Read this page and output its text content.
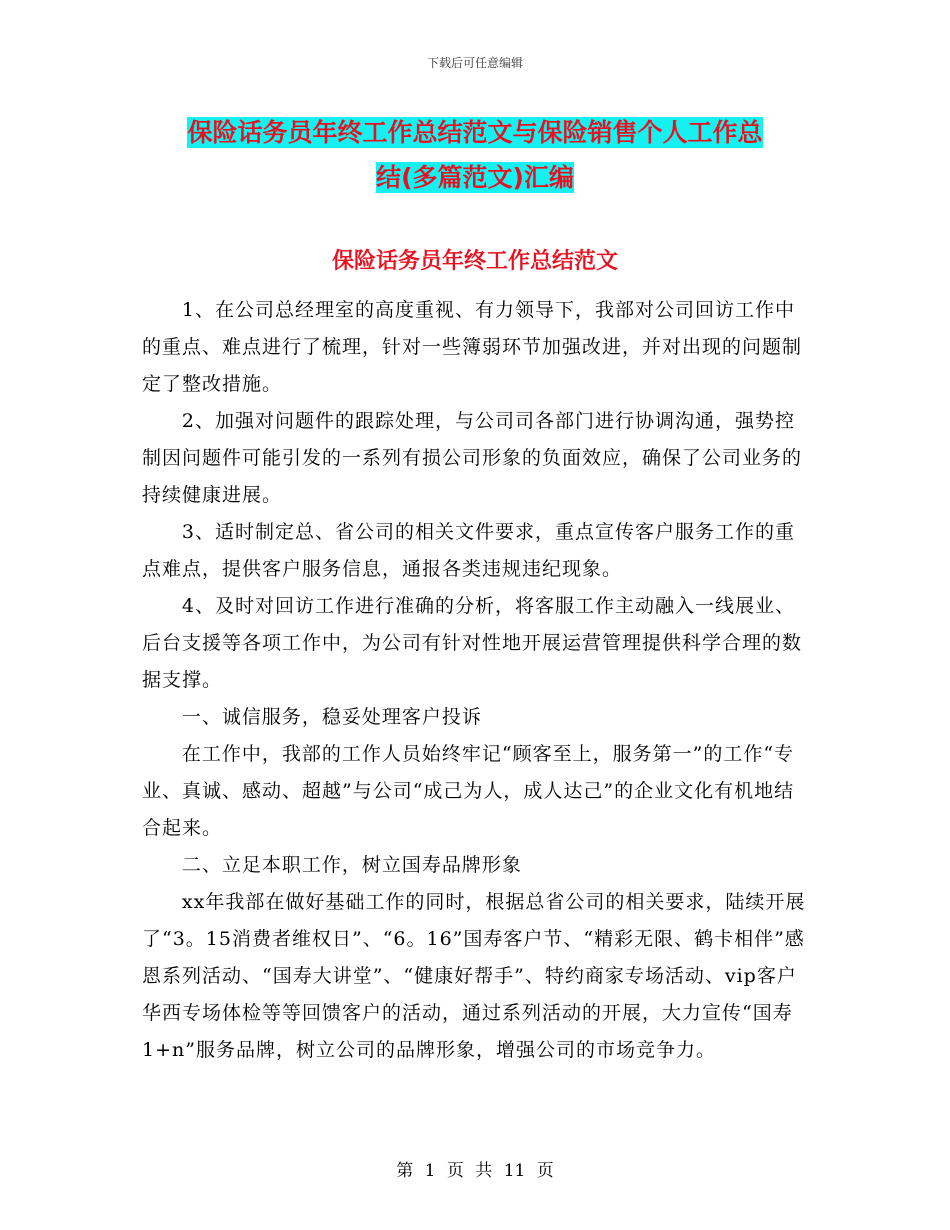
下载后可任意编辑
保险话务员年终工作总结范文与保险销售个人工作总
结(多篇范文)汇编
保险话务员年终工作总结范文

1、在公司总经理室的高度重视、有力领导下，我部对公司回访工作中的重点、难点进行了梳理，针对一些簿弱环节加强改进，并对出现的问题制定了整改措施。

2、加强对问题件的跟踪处理，与公司司各部门进行协调沟通，强势控制因问题件可能引发的一系列有损公司形象的负面效应，确保了公司业务的持续健康进展。

3、适时制定总、省公司的相关文件要求，重点宣传客户服务工作的重点难点，提供客户服务信息，通报各类违规违纪现象。

4、及时对回访工作进行准确的分析，将客服工作主动融入一线展业、后台支援等各项工作中，为公司有针对性地开展运营管理提供科学合理的数据支撑。

一、诚信服务，稳妥处理客户投诉

在工作中，我部的工作人员始终牢记“顾客至上，服务第一”的工作“专业、真诚、感动、超越”与公司“成己为人，成人达己”的企业文化有机地结合起来。

二、立足本职工作，树立国寿品牌形象

xx年我部在做好基础工作的同时，根据总省公司的相关要求，陆续开展了“3。15消费者维权日”、“6。16”国寿客户节、“精彩无限、鹤卡相伴”感恩系列活动、“国寿大讲堂”、“健康好帮手”、特约商家专场活动、vip客户华西专场体检等等回馈客户的活动，通过系列活动的开展，大力宣传“国寿1+n”服务品牌，树立公司的品牌形象，增强公司的市场竞争力。

第 1 页 共 11 页
